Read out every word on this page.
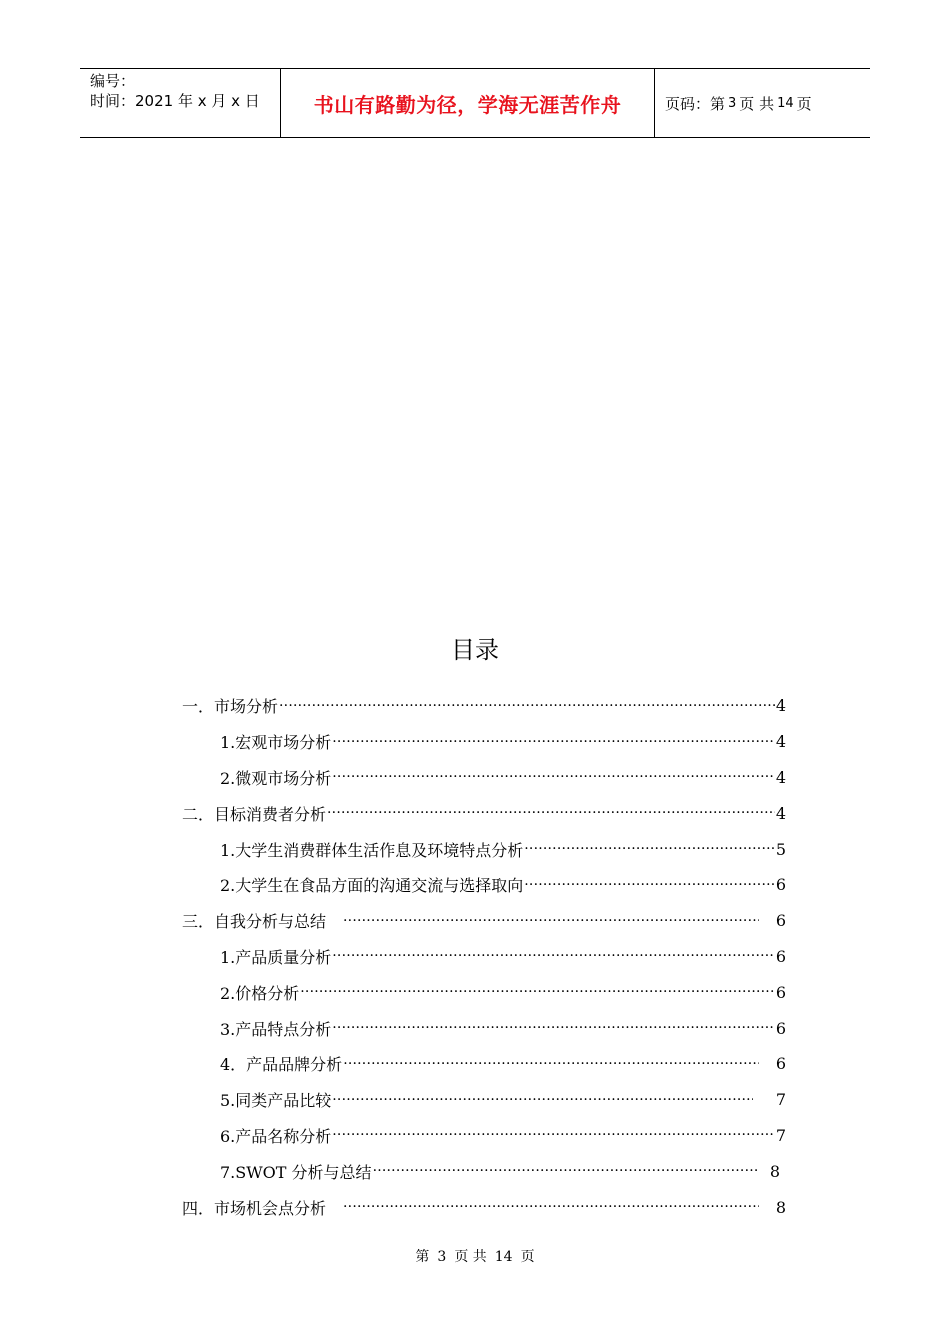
编号：
时间：2021 年 x 月 x 日	书山有路勤为径，学海无涯苦作舟	页码：第 3 页 共 14 页
目录
一．市场分析 ·····	4
1.宏观市场分析 ·····	4
2.微观市场分析 ·····	4
二．目标消费者分析 ·····	4
1.大学生消费群体生活作息及环境特点分析 ·····	5
2.大学生在食品方面的沟通交流与选择取向 ·····	6
三．自我分析与总结 ·····	6
1.产品质量分析 ·····	6
2.价格分析 ·····	6
3.产品特点分析 ·····	6
4．产品品牌分析 ·····	6
5.同类产品比较 ·····	7
6.产品名称分析 ·····	7
7.SWOT 分析与总结 ·····	8
四．市场机会点分析 ·····	8
第 3 页 共 14 页
